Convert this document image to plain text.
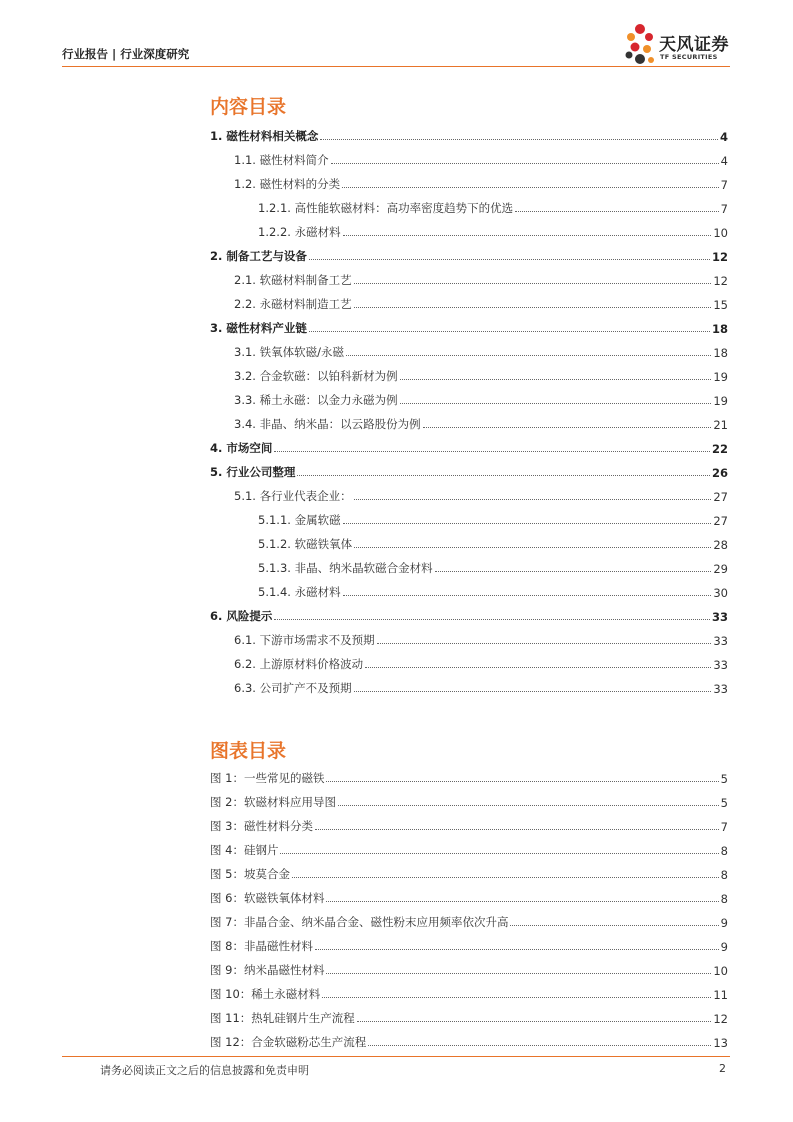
行业报告 | 行业深度研究	天风证券
TF SECURITIES
内容目录
1. 磁性材料相关概念	4
1.1. 磁性材料简介	4
1.2. 磁性材料的分类	7
1.2.1. 高性能软磁材料：高功率密度趋势下的优选	7
1.2.2. 永磁材料	10
2. 制备工艺与设备	12
2.1. 软磁材料制备工艺	12
2.2. 永磁材料制造工艺	15
3. 磁性材料产业链	18
3.1. 铁氧体软磁/永磁	18
3.2. 合金软磁：以铂科新材为例	19
3.3. 稀土永磁：以金力永磁为例	19
3.4. 非晶、纳米晶：以云路股份为例	21
4. 市场空间	22
5. 行业公司整理	26
5.1. 各行业代表企业：	27
5.1.1. 金属软磁	27
5.1.2. 软磁铁氧体	28
5.1.3. 非晶、纳米晶软磁合金材料	29
5.1.4. 永磁材料	30
6. 风险提示	33
6.1. 下游市场需求不及预期	33
6.2. 上游原材料价格波动	33
6.3. 公司扩产不及预期	33
图表目录
图 1：一些常见的磁铁	5
图 2：软磁材料应用导图	5
图 3：磁性材料分类	7
图 4：硅钢片	8
图 5：坡莫合金	8
图 6：软磁铁氧体材料	8
图 7：非晶合金、纳米晶合金、磁性粉末应用频率依次升高	9
图 8：非晶磁性材料	9
图 9：纳米晶磁性材料	10
图 10：稀土永磁材料	11
图 11：热轧硅钢片生产流程	12
图 12：合金软磁粉芯生产流程	13
请务必阅读正文之后的信息披露和免责申明	2
